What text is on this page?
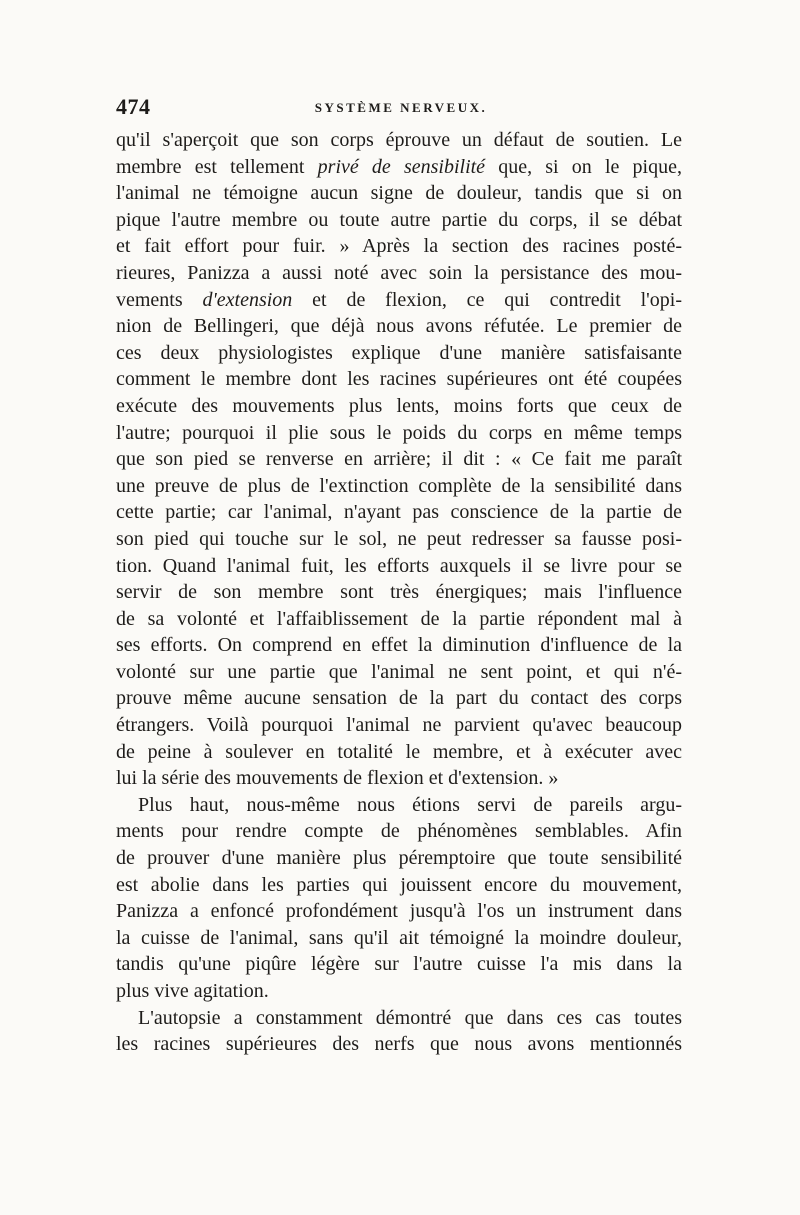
474	SYSTÈME NERVEUX.
qu'il s'aperçoit que son corps éprouve un défaut de soutien. Le
membre est tellement privé de sensibilité que, si on le pique,
l'animal ne témoigne aucun signe de douleur, tandis que si on
pique l'autre membre ou toute autre partie du corps, il se débat
et fait effort pour fuir. » Après la section des racines posté-
rieures, Panizza a aussi noté avec soin la persistance des mou-
vements d'extension et de flexion, ce qui contredit l'opi-
nion de Bellingeri, que déjà nous avons réfutée. Le premier de
ces deux physiologistes explique d'une manière satisfaisante
comment le membre dont les racines supérieures ont été coupées
exécute des mouvements plus lents, moins forts que ceux de
l'autre; pourquoi il plie sous le poids du corps en même temps
que son pied se renverse en arrière; il dit : « Ce fait me paraît
une preuve de plus de l'extinction complète de la sensibilité dans
cette partie; car l'animal, n'ayant pas conscience de la partie de
son pied qui touche sur le sol, ne peut redresser sa fausse posi-
tion. Quand l'animal fuit, les efforts auxquels il se livre pour se
servir de son membre sont très énergiques; mais l'influence
de sa volonté et l'affaiblissement de la partie répondent mal à
ses efforts. On comprend en effet la diminution d'influence de la
volonté sur une partie que l'animal ne sent point, et qui n'é-
prouve même aucune sensation de la part du contact des corps
étrangers. Voilà pourquoi l'animal ne parvient qu'avec beaucoup
de peine à soulever en totalité le membre, et à exécuter avec
lui la série des mouvements de flexion et d'extension. »
Plus haut, nous-même nous étions servi de pareils argu-
ments pour rendre compte de phénomènes semblables. Afin
de prouver d'une manière plus péremptoire que toute sensibilité
est abolie dans les parties qui jouissent encore du mouvement,
Panizza a enfoncé profondément jusqu'à l'os un instrument dans
la cuisse de l'animal, sans qu'il ait témoigné la moindre douleur,
tandis qu'une piqûre légère sur l'autre cuisse l'a mis dans la
plus vive agitation.
L'autopsie a constamment démontré que dans ces cas toutes
les racines supérieures des nerfs que nous avons mentionnés
